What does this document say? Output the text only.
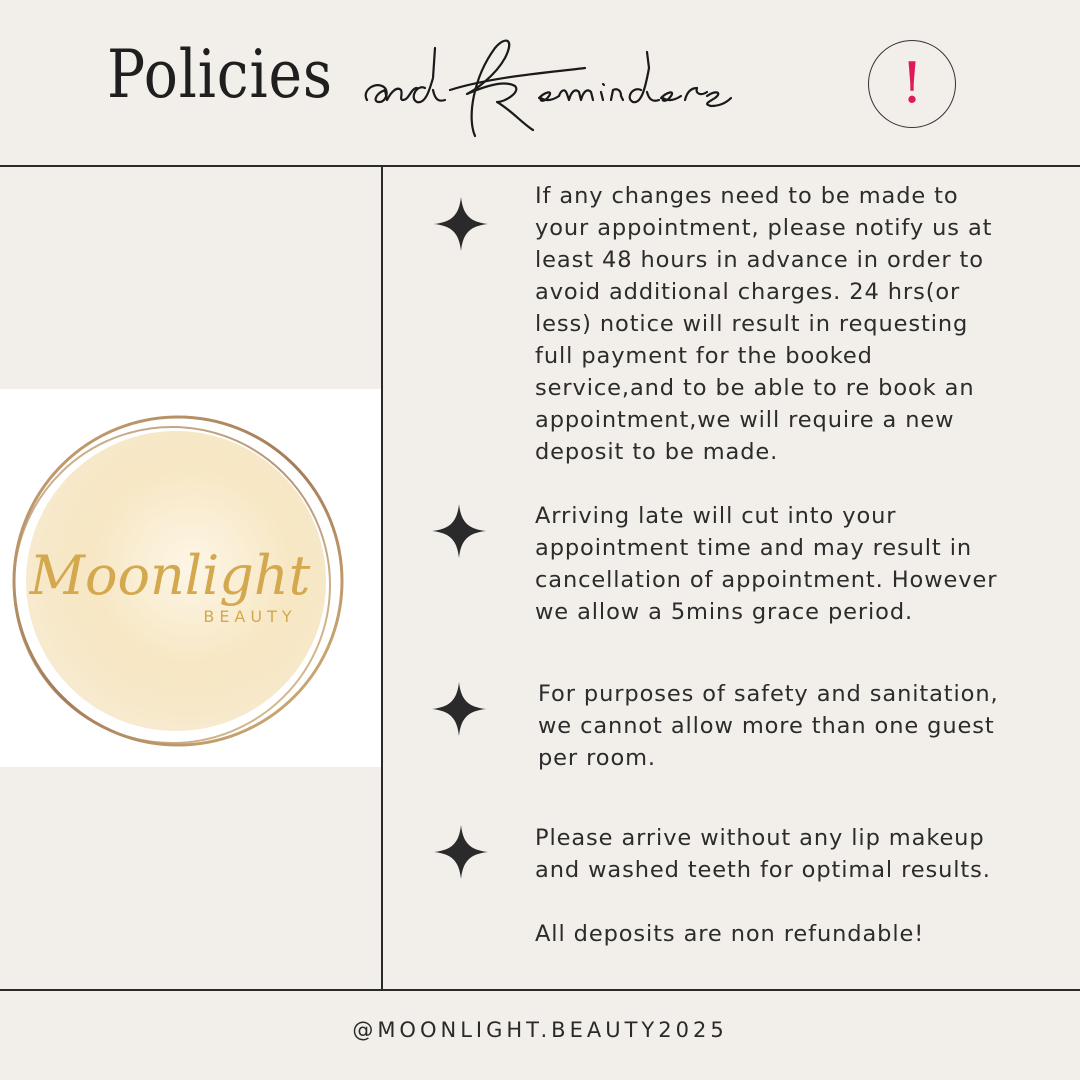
Policies	!
Moonlight
BEAUTY

If any changes need to be made to your appointment, please notify us at least 48 hours in advance in order to avoid additional charges. 24 hrs(or less) notice will result in requesting full payment for the booked service,and to be able to re book an appointment,we will require a new deposit to be made.

Arriving late will cut into your appointment time and may result in cancellation of appointment. However we allow a 5mins grace period.

For purposes of safety and sanitation, we cannot allow more than one guest per room.

Please arrive without any lip makeup and washed teeth for optimal results.

All deposits are non refundable!

@MOONLIGHT.BEAUTY2025
